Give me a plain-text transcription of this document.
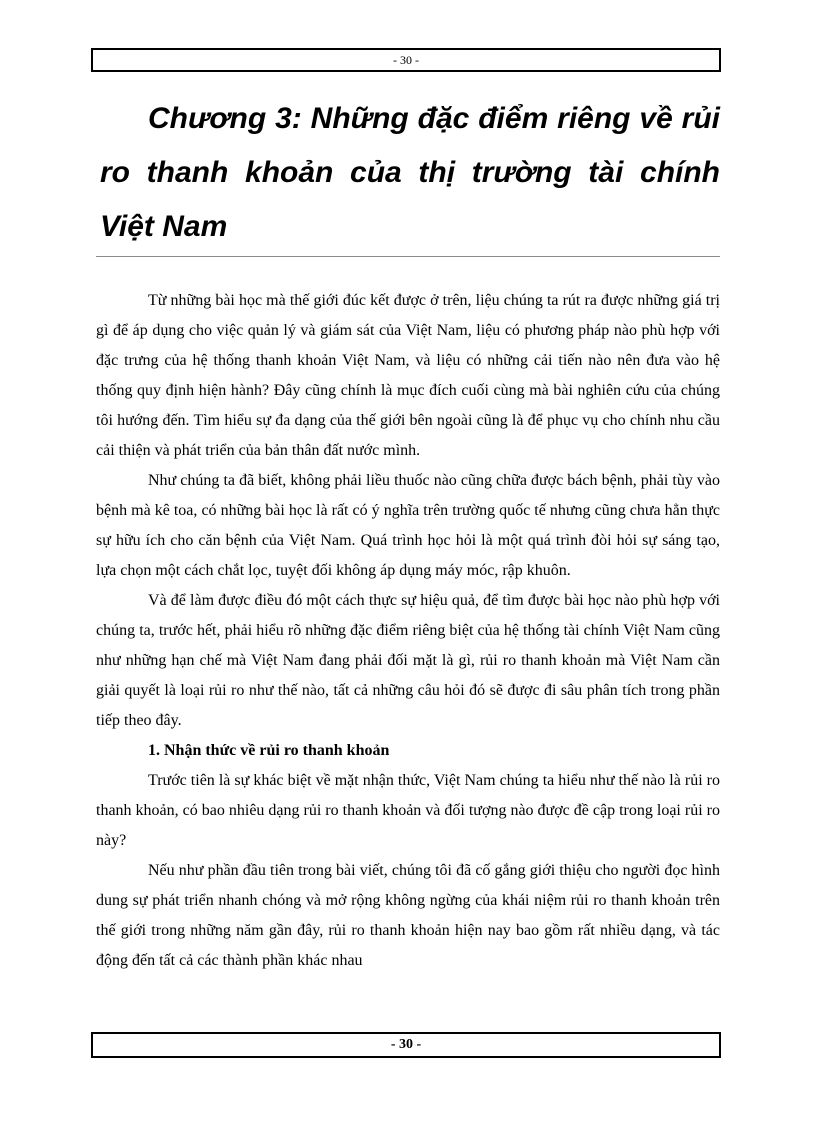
- 30 -
Chương 3: Những đặc điểm riêng về rủi
ro thanh khoản của thị trường tài chính
Việt Nam

Từ những bài học mà thế giới đúc kết được ở trên, liệu chúng ta rút ra được những giá trị gì để áp dụng cho việc quản lý và giám sát của Việt Nam, liệu có phương pháp nào phù hợp với đặc trưng của hệ thống thanh khoản Việt Nam, và liệu có những cải tiến nào nên đưa vào hệ thống quy định hiện hành? Đây cũng chính là mục đích cuối cùng mà bài nghiên cứu của chúng tôi hướng đến. Tìm hiểu sự đa dạng của thế giới bên ngoài cũng là để phục vụ cho chính nhu cầu cải thiện và phát triển của bản thân đất nước mình.

Như chúng ta đã biết, không phải liều thuốc nào cũng chữa được bách bệnh, phải tùy vào bệnh mà kê toa, có những bài học là rất có ý nghĩa trên trường quốc tế nhưng cũng chưa hẳn thực sự hữu ích cho căn bệnh của Việt Nam. Quá trình học hỏi là một quá trình đòi hỏi sự sáng tạo, lựa chọn một cách chắt lọc, tuyệt đối không áp dụng máy móc, rập khuôn.

Và để làm được điều đó một cách thực sự hiệu quả, để tìm được bài học nào phù hợp với chúng ta, trước hết, phải hiểu rõ những đặc điểm riêng biệt của hệ thống tài chính Việt Nam cũng như những hạn chế mà Việt Nam đang phải đối mặt là gì, rủi ro thanh khoản mà Việt Nam cần giải quyết là loại rủi ro như thế nào, tất cả những câu hỏi đó sẽ được đi sâu phân tích trong phần tiếp theo đây.

1. Nhận thức về rủi ro thanh khoản

Trước tiên là sự khác biệt về mặt nhận thức, Việt Nam chúng ta hiểu như thế nào là rủi ro thanh khoản, có bao nhiêu dạng rủi ro thanh khoản và đối tượng nào được đề cập trong loại rủi ro này?

Nếu như phần đầu tiên trong bài viết, chúng tôi đã cố gắng giới thiệu cho người đọc hình dung sự phát triển nhanh chóng và mở rộng không ngừng của khái niệm rủi ro thanh khoản trên thế giới trong những năm gần đây, rủi ro thanh khoản hiện nay bao gồm rất nhiều dạng, và tác động đến tất cả các thành phần khác nhau

- 30 -
